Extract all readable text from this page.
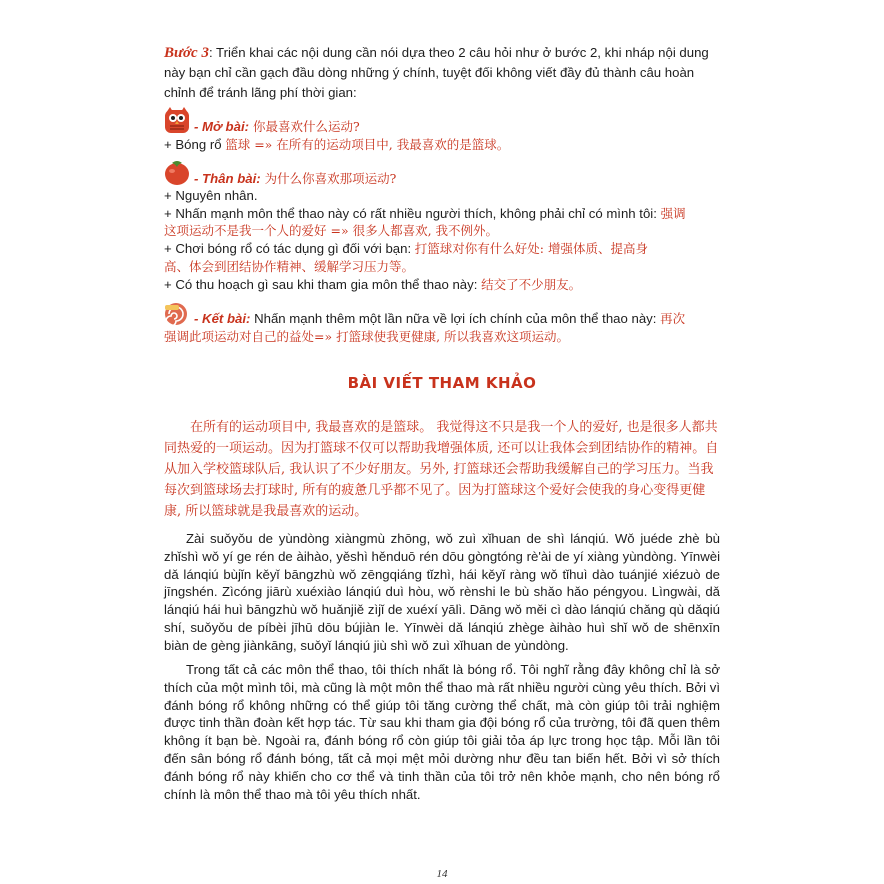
Bước 3: Triển khai các nội dung cần nói dựa theo 2 câu hỏi như ở bước 2, khi nháp nội dung
này bạn chỉ cần gạch đầu dòng những ý chính, tuyệt đối không viết đầy đủ thành câu hoàn
chỉnh để tránh lãng phí thời gian:
- Mở bài: 你最喜欢什么运动?
+ Bóng rổ 篮球 =» 在所有的运动项目中, 我最喜欢的是篮球。
- Thân bài: 为什么你喜欢那项运动?
+ Nguyên nhân.
+ Nhấn mạnh môn thể thao này có rất nhiều người thích, không phải chỉ có mình tôi: 强调
这项运动不是我一个人的爱好 =» 很多人都喜欢, 我不例外。
+ Chơi bóng rổ có tác dụng gì đối với bạn: 打篮球对你有什么好处: 增强体质、提高身
高、体会到团结协作精神、缓解学习压力等。
+ Có thu hoạch gì sau khi tham gia môn thể thao này: 结交了不少朋友。
- Kết bài: Nhấn mạnh thêm một lần nữa về lợi ích chính của môn thể thao này: 再次
强调此项运动对自己的益处=» 打篮球使我更健康, 所以我喜欢这项运动。
BÀI VIẾT THAM KHẢO

在所有的运动项目中, 我最喜欢的是篮球。 我觉得这不只是我一个人的爱好, 也是很多人都共同热爱的一项运动。因为打篮球不仅可以帮助我增强体质, 还可以让我体会到团结协作的精神。自从加入学校篮球队后, 我认识了不少好朋友。另外, 打篮球还会帮助我缓解自己的学习压力。当我每次到篮球场去打球时, 所有的疲惫几乎都不见了。因为打篮球这个爱好会使我的身心变得更健康, 所以篮球就是我最喜欢的运动。

Zài suǒyǒu de yùndòng xiàngmù zhōng, wǒ zuì xǐhuan de shì lánqiú. Wǒ juéde zhè bù zhǐshì wǒ yí ge rén de àihào, yěshì hěnduō rén dōu gòngtóng rè'ài de yí xiàng yùndòng. Yīnwèi dǎ lánqiú bùjǐn kěyǐ bāngzhù wǒ zēngqiáng tǐzhì, hái kěyǐ ràng wǒ tǐhuì dào tuánjié xiézuò de jīngshén. Zìcóng jiārù xuéxiào lánqiú duì hòu, wǒ rènshi le bù shǎo hǎo péngyou. Lìngwài, dǎ lánqiú hái huì bāngzhù wǒ huǎnjiě zìjǐ de xuéxí yālì. Dāng wǒ měi cì dào lánqiú chǎng qù dǎqiú shí, suǒyǒu de píbèi jīhū dōu bújiàn le. Yīnwèi dǎ lánqiú zhège àihào huì shǐ wǒ de shēnxīn biàn de gèng jiànkāng, suǒyǐ lánqiú jiù shì wǒ zuì xǐhuan de yùndòng.
Trong tất cả các môn thể thao, tôi thích nhất là bóng rổ. Tôi nghĩ rằng đây không chỉ là sở thích của một mình tôi, mà cũng là một môn thể thao mà rất nhiều người cùng yêu thích. Bởi vì đánh bóng rổ không những có thể giúp tôi tăng cường thể chất, mà còn giúp tôi trải nghiệm được tinh thần đoàn kết hợp tác. Từ sau khi tham gia đội bóng rổ của trường, tôi đã quen thêm không ít bạn bè. Ngoài ra, đánh bóng rổ còn giúp tôi giải tỏa áp lực trong học tập. Mỗi lần tôi đến sân bóng rổ đánh bóng, tất cả mọi mệt mỏi dường như đều tan biến hết. Bởi vì sở thích đánh bóng rổ này khiến cho cơ thể và tinh thần của tôi trở nên khỏe mạnh, cho nên bóng rổ chính là môn thể thao mà tôi yêu thích nhất.
14
